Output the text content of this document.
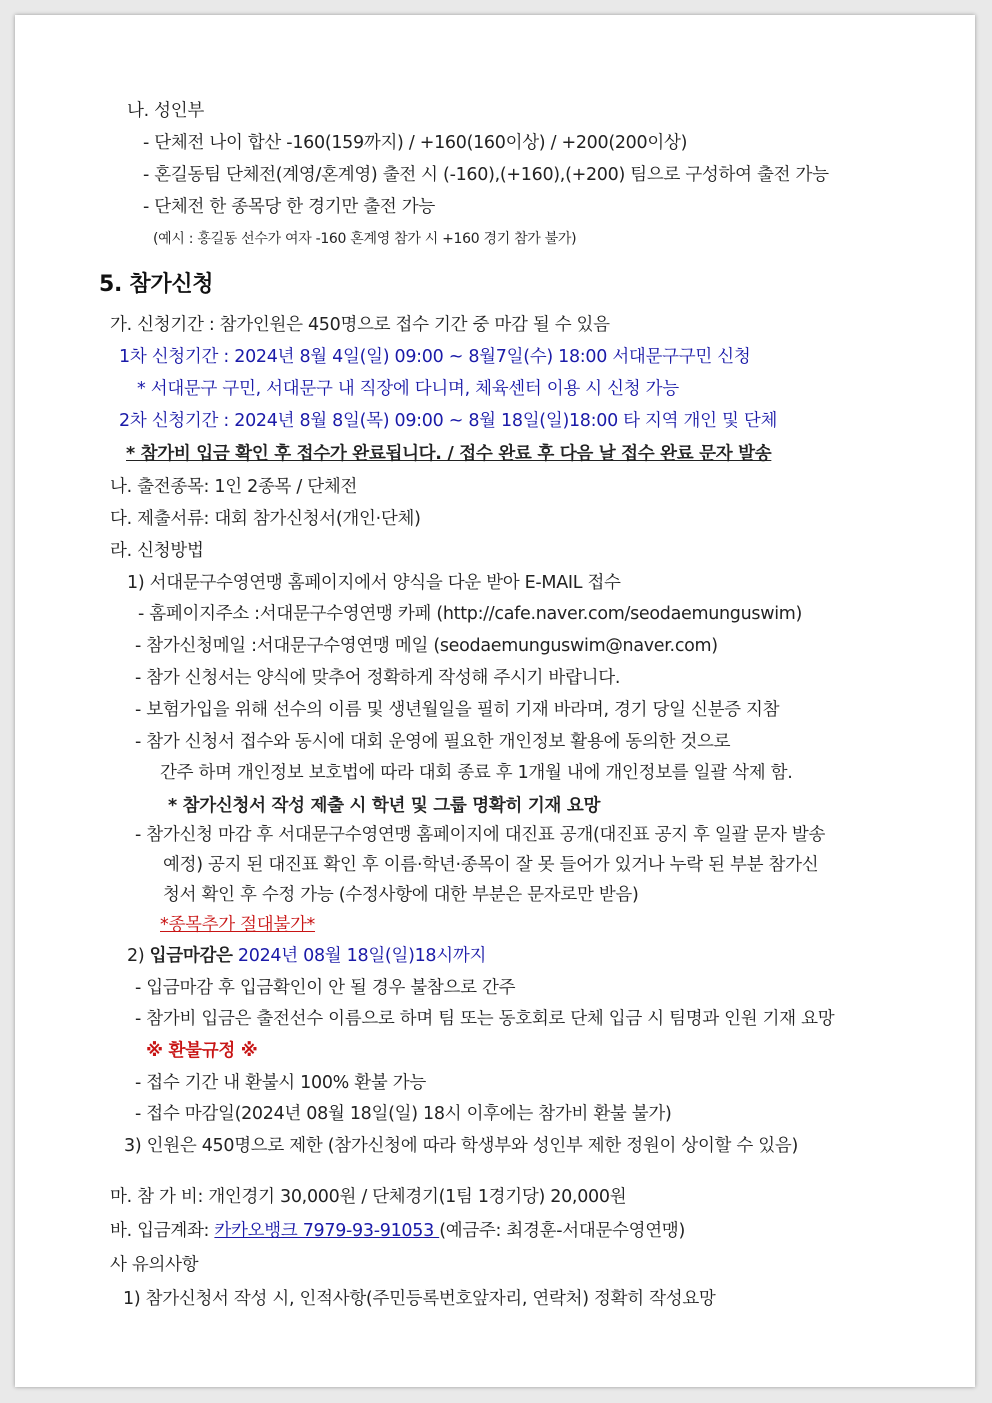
나. 성인부
- 단체전 나이 합산 -160(159까지) / +160(160이상) / +200(200이상)
- 혼길동팀 단체전(계영/혼계영) 출전 시 (-160),(+160),(+200) 팀으로 구성하여 출전 가능
- 단체전 한 종목당 한 경기만 출전 가능
(예시 : 홍길동 선수가 여자 -160 혼계영 참가 시 +160 경기 참가 불가)
5. 참가신청
가. 신청기간 : 참가인원은 450명으로 접수 기간 중 마감 될 수 있음
1차 신청기간 : 2024년 8월 4일(일) 09:00 ~ 8월7일(수) 18:00 서대문구구민 신청
* 서대문구 구민, 서대문구 내 직장에 다니며, 체육센터 이용 시 신청 가능
2차 신청기간 : 2024년 8월 8일(목) 09:00 ~ 8월 18일(일)18:00 타 지역 개인 및 단체
* 참가비 입금 확인 후 접수가 완료됩니다. / 접수 완료 후 다음 날 접수 완료 문자 발송
나. 출전종목: 1인 2종목 / 단체전
다. 제출서류: 대회 참가신청서(개인·단체)
라. 신청방법
1) 서대문구수영연맹 홈페이지에서 양식을 다운 받아 E-MAIL 접수
- 홈페이지주소 :서대문구수영연맹 카페 (http://cafe.naver.com/seodaemunguswim)
- 참가신청메일 :서대문구수영연맹 메일 (seodaemunguswim@naver.com)
- 참가 신청서는 양식에 맞추어 정확하게 작성해 주시기 바랍니다.
- 보험가입을 위해 선수의 이름 및 생년월일을 필히 기재 바라며, 경기 당일 신분증 지참
- 참가 신청서 접수와 동시에 대회 운영에 필요한 개인정보 활용에 동의한 것으로
간주 하며 개인정보 보호법에 따라 대회 종료 후 1개월 내에 개인정보를 일괄 삭제 함.
* 참가신청서 작성 제출 시 학년 및 그룹 명확히 기재 요망
- 참가신청 마감 후 서대문구수영연맹 홈페이지에 대진표 공개(대진표 공지 후 일괄 문자 발송
예정) 공지 된 대진표 확인 후 이름·학년·종목이 잘 못 들어가 있거나 누락 된 부분 참가신
청서 확인 후 수정 가능 (수정사항에 대한 부분은 문자로만 받음)
*종목추가 절대불가*
2) 입금마감은 2024년 08월 18일(일)18시까지
- 입금마감 후 입금확인이 안 될 경우 불참으로 간주
- 참가비 입금은 출전선수 이름으로 하며 팀 또는 동호회로 단체 입금 시 팀명과 인원 기재 요망
※ 환불규정 ※
- 접수 기간 내 환불시 100% 환불 가능
- 접수 마감일(2024년 08월 18일(일) 18시 이후에는 참가비 환불 불가)
3) 인원은 450명으로 제한 (참가신청에 따라 학생부와 성인부 제한 정원이 상이할 수 있음)
마. 참 가 비: 개인경기 30,000원 / 단체경기(1팀 1경기당) 20,000원
바. 입금계좌: 카카오뱅크 7979-93-91053 (예금주: 최경훈-서대문수영연맹)
사 유의사항
1) 참가신청서 작성 시, 인적사항(주민등록번호앞자리, 연락처) 정확히 작성요망
